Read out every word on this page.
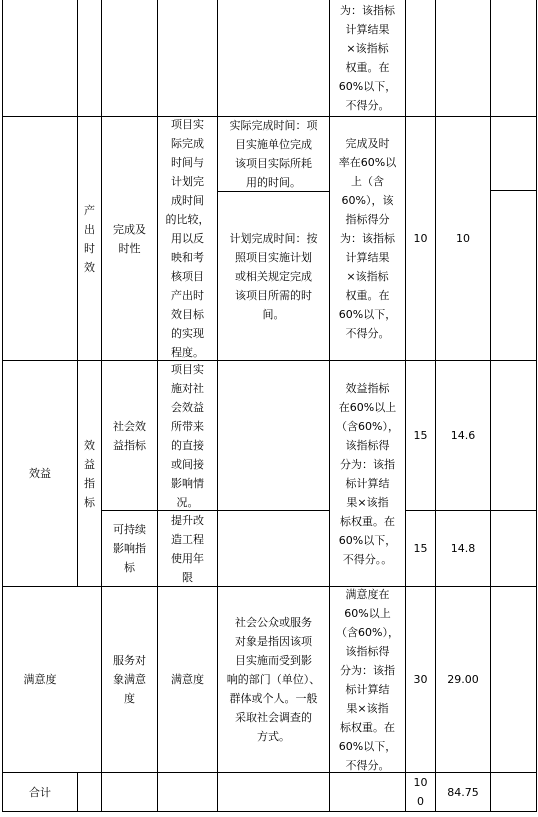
为：该指标
计算结果
×该指标
权重。在
60%以下，
不得分。
产
出
时
效
完成及
时性
项目实
际完成
时间与
计划完
成时间
的比较，
用以反
映和考
核项目
产出时
效目标
的实现
程度。
实际完成时间：项
目实施单位完成
该项目实际所耗
用的时间。
计划完成时间：按
照项目实施计划
或相关规定完成
该项目所需的时
间。
完成及时
率在60%以
上（含
60%），该
指标得分
为：该指标
计算结果
×该指标
权重。在
60%以下，
不得分。
10	10
效益
效
益
指
标
社会效
益指标
项目实
施对社
会效益
所带来
的直接
或间接
影响情
况。
效益指标
在60%以上
（含60%），
该指标得
分为：该指
标计算结
果×该指
标权重。在
60%以下，
不得分。。
15 14.6
可持续
影响指
标
提升改
造工程
使用年
限
15 14.8
满意度
服务对
象满意
度
满意度
社会公众或服务
对象是指因该项
目实施而受到影
响的部门（单位）、
群体或个人。一般
采取社会调查的
方式。
满意度在
60%以上
（含60%），
该指标得
分为：该指
标计算结
果×该指
标权重。在
60%以下，
不得分。
30 29.00
合计
10
0
84.75
